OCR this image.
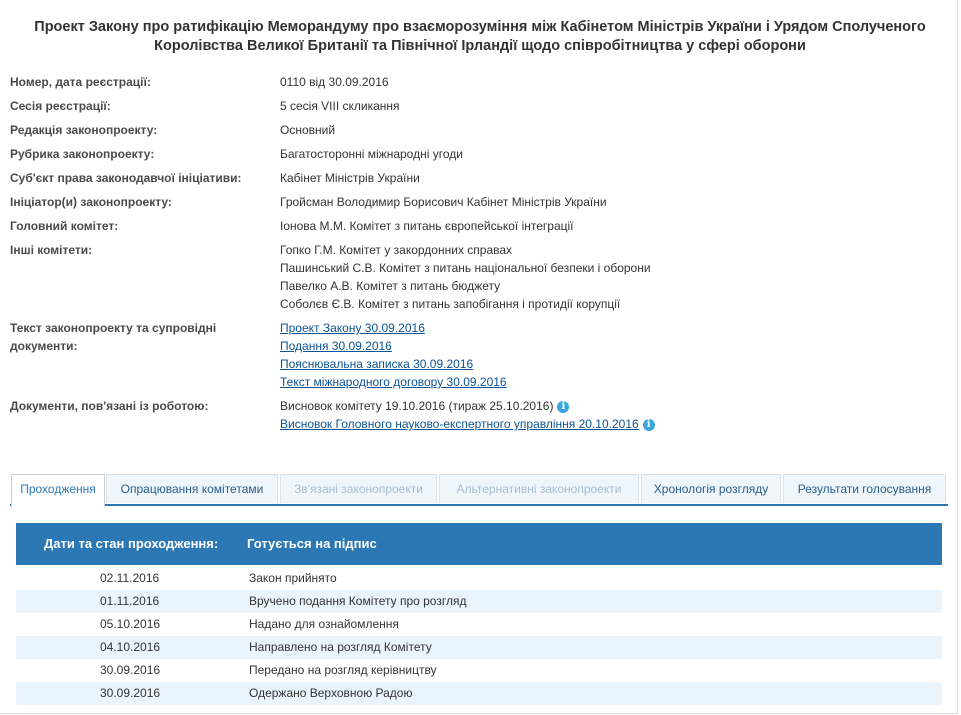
Проект Закону про ратифікацію Меморандуму про взаєморозуміння між Кабінетом Міністрів України і Урядом Сполученого Королівства Великої Британії та Північної Ірландії щодо співробітництва у сфері оборони
Номер, дата реєстрації:	0110 від 30.09.2016
Сесія реєстрації:	5 сесія VIII скликання
Редакція законопроекту:	Основний
Рубрика законопроекту:	Багатосторонні міжнародні угоди
Суб'єкт права законодавчої ініціативи:	Кабінет Міністрів України
Ініціатор(и) законопроекту:	Гройсман Володимир Борисович Кабінет Міністрів України
Головний комітет:	Іонова М.М. Комітет з питань європейської інтеграції
Інші комітети:	Гопко Г.М. Комітет у закордонних справах
Пашинський С.В. Комітет з питань національної безпеки і оборони
Павелко А.В. Комітет з питань бюджету
Соболєв Є.В. Комітет з питань запобігання і протидії корупції
Текст законопроекту та супровідні
документи:
Проект Закону 30.09.2016
Подання 30.09.2016
Пояснювальна записка 30.09.2016
Текст міжнародного договору 30.09.2016
Документи, пов'язані із роботою:	Висновок комітету 19.10.2016 (тираж 25.10.2016) i
Висновок Головного науково-експертного управління 20.10.2016 i
Проходження	Опрацювання комітетами	Зв'язані законопроекти	Альтернативні законопроекти	Хронологія розгляду	Результати голосування
Дати та стан проходження: Готується на підпис
02.11.2016	Закон прийнято
01.11.2016	Вручено подання Комітету про розгляд
05.10.2016	Надано для ознайомлення
04.10.2016	Направлено на розгляд Комітету
30.09.2016	Передано на розгляд керівництву
30.09.2016	Одержано Верховною Радою
